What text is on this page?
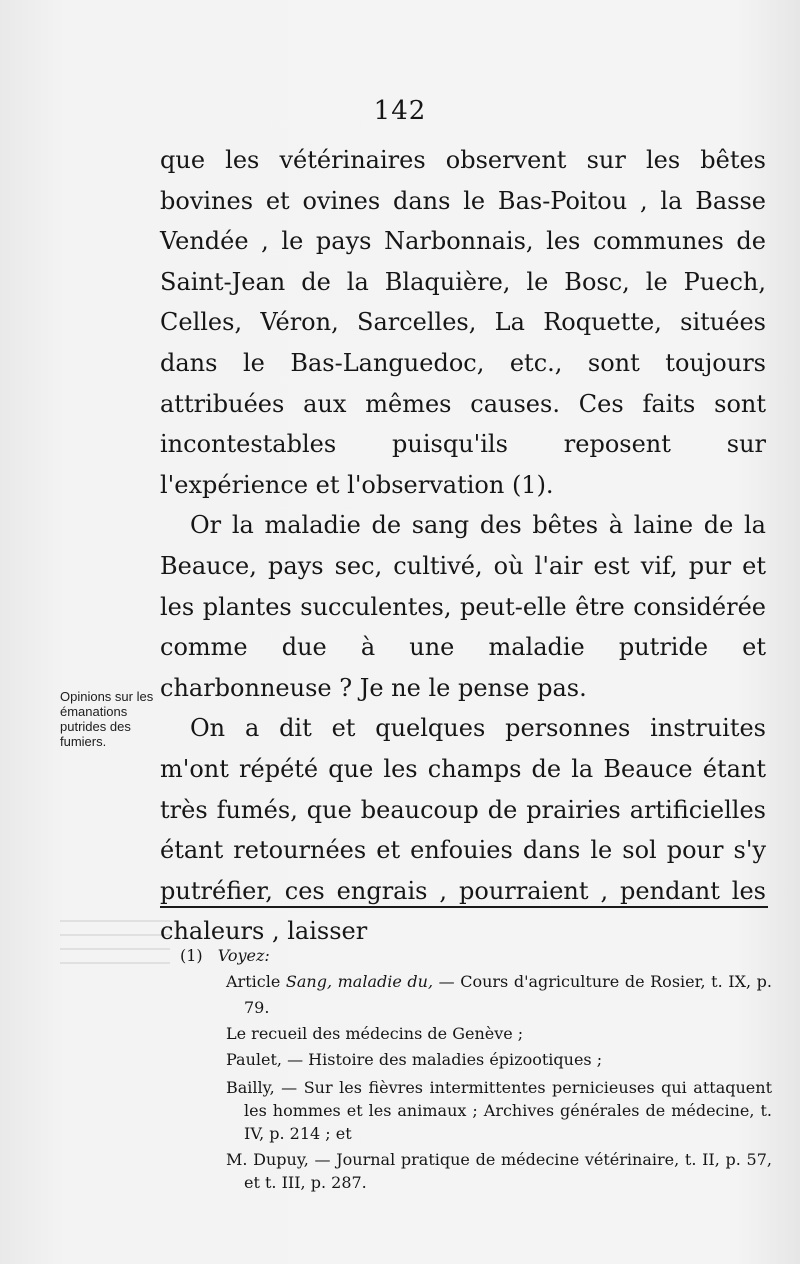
142

que les vétérinaires observent sur les bêtes bovines et ovines dans le Bas-Poitou , la Basse Vendée , le pays Narbonnais, les communes de Saint-Jean de la Blaquière, le Bosc, le Puech, Celles, Véron, Sarcelles, La Roquette, situées dans le Bas-Languedoc, etc., sont toujours attribuées aux mêmes causes. Ces faits sont incontestables puisqu'ils reposent sur l'expérience et l'observation (1).

Or la maladie de sang des bêtes à laine de la Beauce, pays sec, cultivé, où l'air est vif, pur et les plantes succulentes, peut-elle être considérée comme due à une maladie putride et charbonneuse ? Je ne le pense pas.

On a dit et quelques personnes instruites m'ont répété que les champs de la Beauce étant très fumés, que beaucoup de prairies artificielles étant retournées et enfouies dans le sol pour s'y putréfier, ces engrais , pourraient , pendant les chaleurs , laisser

Opinions sur les émanations putrides des fumiers.

(1) Voyez:

Article Sang, maladie du, — Cours d'agriculture de Rosier, t. IX, p. 79.

Le recueil des médecins de Genève ;

Paulet, — Histoire des maladies épizootiques ;

Bailly, — Sur les fièvres intermittentes pernicieuses qui attaquent les hommes et les animaux ; Archives générales de médecine, t. IV, p. 214 ; et

M. Dupuy, — Journal pratique de médecine vétérinaire, t. II, p. 57, et t. III, p. 287.
